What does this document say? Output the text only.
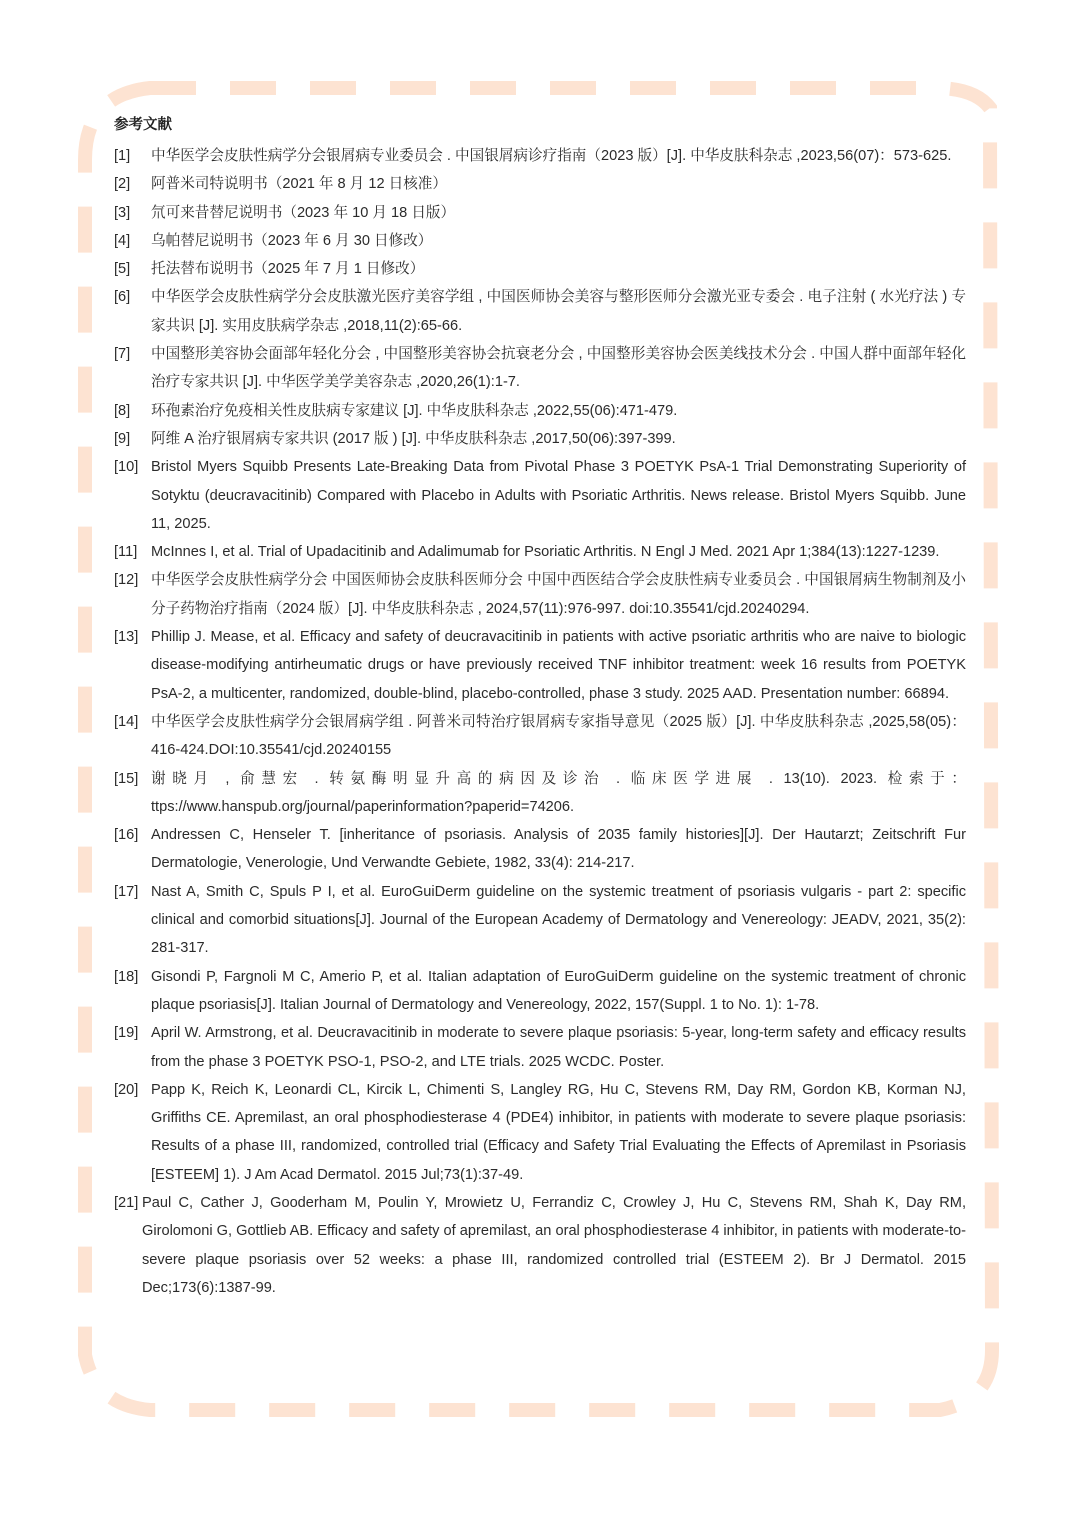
参考文献
[1]	中华医学会皮肤性病学分会银屑病专业委员会 . 中国银屑病诊疗指南（2023 版）[J]. 中华皮肤科杂志 ,2023,56(07)：573-625.
[2]	阿普米司特说明书（2021 年 8 月 12 日核准）
[3]	氘可来昔替尼说明书（2023 年 10 月 18 日版）
[4]	乌帕替尼说明书（2023 年 6 月 30 日修改）
[5]	托法替布说明书（2025 年 7 月 1 日修改）
[6]	中华医学会皮肤性病学分会皮肤激光医疗美容学组 , 中国医师协会美容与整形医师分会激光亚专委会 . 电子注射 ( 水光疗法 ) 专家共识 [J]. 实用皮肤病学杂志 ,2018,11(2):65-66.
[7]	中国整形美容协会面部年轻化分会 , 中国整形美容协会抗衰老分会 , 中国整形美容协会医美线技术分会 . 中国人群中面部年轻化治疗专家共识 [J]. 中华医学美学美容杂志 ,2020,26(1):1-7.
[8]	环孢素治疗免疫相关性皮肤病专家建议 [J]. 中华皮肤科杂志 ,2022,55(06):471-479.
[9]	阿维 A 治疗银屑病专家共识 (2017 版 ) [J]. 中华皮肤科杂志 ,2017,50(06):397-399.
[10] Bristol Myers Squibb Presents Late-Breaking Data from Pivotal Phase 3 POETYK PsA-1 Trial Demonstrating Superiority of Sotyktu (deucravacitinib) Compared with Placebo in Adults with Psoriatic Arthritis. News release. Bristol Myers Squibb. June 11, 2025.
[11] McInnes I, et al. Trial of Upadacitinib and Adalimumab for Psoriatic Arthritis. N Engl J Med. 2021 Apr 1;384(13):1227-1239.
[12] 中华医学会皮肤性病学分会 中国医师协会皮肤科医师分会 中国中西医结合学会皮肤性病专业委员会 . 中国银屑病生物制剂及小分子药物治疗指南（2024 版）[J]. 中华皮肤科杂志 , 2024,57(11):976-997. doi:10.35541/cjd.20240294.
[13] Phillip J. Mease, et al. Efficacy and safety of deucravacitinib in patients with active psoriatic arthritis who are naive to biologic disease-modifying antirheumatic drugs or have previously received TNF inhibitor treatment: week 16 results from POETYK PsA-2, a multicenter, randomized, double-blind, placebo-controlled, phase 3 study. 2025 AAD. Presentation number: 66894.
[14] 中华医学会皮肤性病学分会银屑病学组 . 阿普米司特治疗银屑病专家指导意见（2025 版）[J]. 中华皮肤科杂志 ,2025,58(05)：416-424.DOI:10.35541/cjd.20240155
[15] 谢晓月 , 俞慧宏 . 转氨酶明显升高的病因及诊治 . 临床医学进展 . 13(10). 2023. 检索于：ttps://www.hanspub.org/journal/paperinformation?paperid=74206.
[16] Andressen C, Henseler T. [inheritance of psoriasis. Analysis of 2035 family histories][J]. Der Hautarzt; Zeitschrift Fur Dermatologie, Venerologie, Und Verwandte Gebiete, 1982, 33(4): 214-217.
[17] Nast A, Smith C, Spuls P I, et al. EuroGuiDerm guideline on the systemic treatment of psoriasis vulgaris - part 2: specific clinical and comorbid situations[J]. Journal of the European Academy of Dermatology and Venereology: JEADV, 2021, 35(2): 281-317.
[18] Gisondi P, Fargnoli M C, Amerio P, et al. Italian adaptation of EuroGuiDerm guideline on the systemic treatment of chronic plaque psoriasis[J]. Italian Journal of Dermatology and Venereology, 2022, 157(Suppl. 1 to No. 1): 1-78.
[19] April W. Armstrong, et al. Deucravacitinib in moderate to severe plaque psoriasis: 5-year, long-term safety and efficacy results from the phase 3 POETYK PSO-1, PSO-2, and LTE trials. 2025 WCDC. Poster.
[20] Papp K, Reich K, Leonardi CL, Kircik L, Chimenti S, Langley RG, Hu C, Stevens RM, Day RM, Gordon KB, Korman NJ, Griffiths CE. Apremilast, an oral phosphodiesterase 4 (PDE4) inhibitor, in patients with moderate to severe plaque psoriasis: Results of a phase III, randomized, controlled trial (Efficacy and Safety Trial Evaluating the Effects of Apremilast in Psoriasis [ESTEEM] 1). J Am Acad Dermatol. 2015 Jul;73(1):37-49.
[21] Paul C, Cather J, Gooderham M, Poulin Y, Mrowietz U, Ferrandiz C, Crowley J, Hu C, Stevens RM, Shah K, Day RM, Girolomoni G, Gottlieb AB. Efficacy and safety of apremilast, an oral phosphodiesterase 4 inhibitor, in patients with moderate-to-severe plaque psoriasis over 52 weeks: a phase III, randomized controlled trial (ESTEEM 2). Br J Dermatol. 2015 Dec;173(6):1387-99.
